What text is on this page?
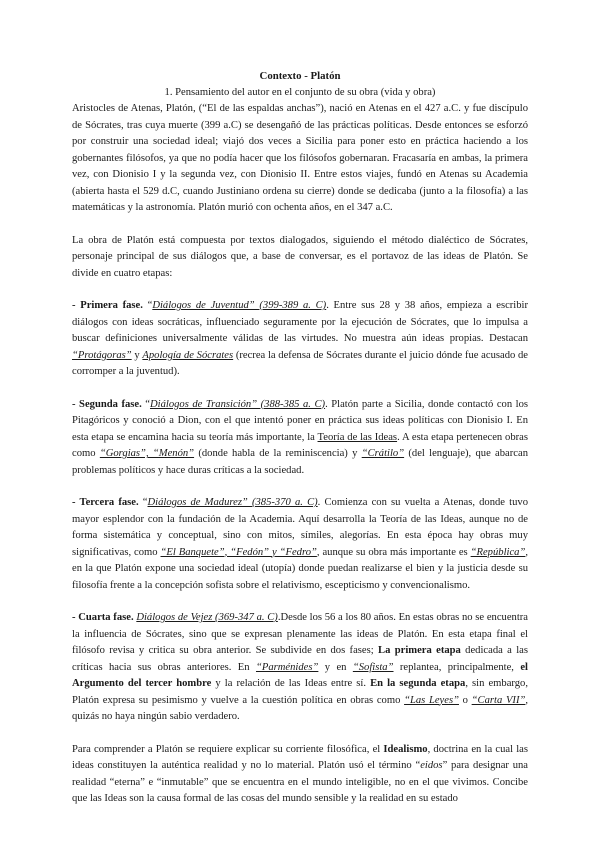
Contexto - Platón

1. Pensamiento del autor en el conjunto de su obra (vida y obra)

Aristocles de Atenas, Platón, (“El de las espaldas anchas”), nació en Atenas en el 427 a.C. y fue discípulo de Sócrates, tras cuya muerte (399 a.C) se desengañó de las prácticas políticas. Desde entonces se esforzó por construir una sociedad ideal; viajó dos veces a Sicilia para poner esto en práctica haciendo a los gobernantes filósofos, ya que no podía hacer que los filósofos gobernaran. Fracasaría en ambas, la primera vez, con Dionisio I y la segunda vez, con Dionisio II. Entre estos viajes, fundó en Atenas su Academia (abierta hasta el 529 d.C, cuando Justiniano ordena su cierre) donde se dedicaba (junto a la filosofía) a las matemáticas y la astronomía. Platón murió con ochenta años, en el 347 a.C.

La obra de Platón está compuesta por textos dialogados, siguiendo el método dialéctico de Sócrates, personaje principal de sus diálogos que, a base de conversar, es el portavoz de las ideas de Platón. Se divide en cuatro etapas:

- Primera fase. “Diálogos de Juventud” (399-389 a. C). Entre sus 28 y 38 años, empieza a escribir diálogos con ideas socráticas, influenciado seguramente por la ejecución de Sócrates, que lo impulsa a buscar definiciones universalmente válidas de las virtudes. No muestra aún ideas propias. Destacan “Protágoras” y Apología de Sócrates (recrea la defensa de Sócrates durante el juicio dónde fue acusado de corromper a la juventud).

- Segunda fase. “Diálogos de Transición” (388-385 a. C). Platón parte a Sicilia, donde contactó con los Pitagóricos y conoció a Dion, con el que intentó poner en práctica sus ideas políticas con Dionisio I. En esta etapa se encamina hacia su teoría más importante, la Teoría de las Ideas. A esta etapa pertenecen obras como “Gorgias”, “Menón” (donde habla de la reminiscencia) y “Crátilo” (del lenguaje), que abarcan problemas políticos y hace duras críticas a la sociedad.

- Tercera fase. “Diálogos de Madurez” (385-370 a. C). Comienza con su vuelta a Atenas, donde tuvo mayor esplendor con la fundación de la Academia. Aquí desarrolla la Teoría de las Ideas, aunque no de forma sistemática y conceptual, sino con mitos, símiles, alegorías. En esta época hay obras muy significativas, como “El Banquete”, “Fedón” y “Fedro”, aunque su obra más importante es “República”, en la que Platón expone una sociedad ideal (utopía) donde puedan realizarse el bien y la justicia desde su filosofía frente a la concepción sofista sobre el relativismo, escepticismo y convencionalismo.

- Cuarta fase. Diálogos de Vejez (369-347 a. C).Desde los 56 a los 80 años. En estas obras no se encuentra la influencia de Sócrates, sino que se expresan plenamente las ideas de Platón. En esta etapa final el filósofo revisa y critica su obra anterior. Se subdivide en dos fases; La primera etapa dedicada a las críticas hacia sus obras anteriores. En “Parménides” y en “Sofista” replantea, principalmente, el Argumento del tercer hombre y la relación de las Ideas entre sí. En la segunda etapa, sin embargo, Platón expresa su pesimismo y vuelve a la cuestión política en obras como “Las Leyes” o “Carta VII”, quizás no haya ningún sabio verdadero.

Para comprender a Platón se requiere explicar su corriente filosófica, el Idealismo, doctrina en la cual las ideas constituyen la auténtica realidad y no lo material. Platón usó el término “eidos” para designar una realidad “eterna” e “inmutable” que se encuentra en el mundo inteligible, no en el que vivimos. Concibe que las Ideas son la causa formal de las cosas del mundo sensible y la realidad en su estado
